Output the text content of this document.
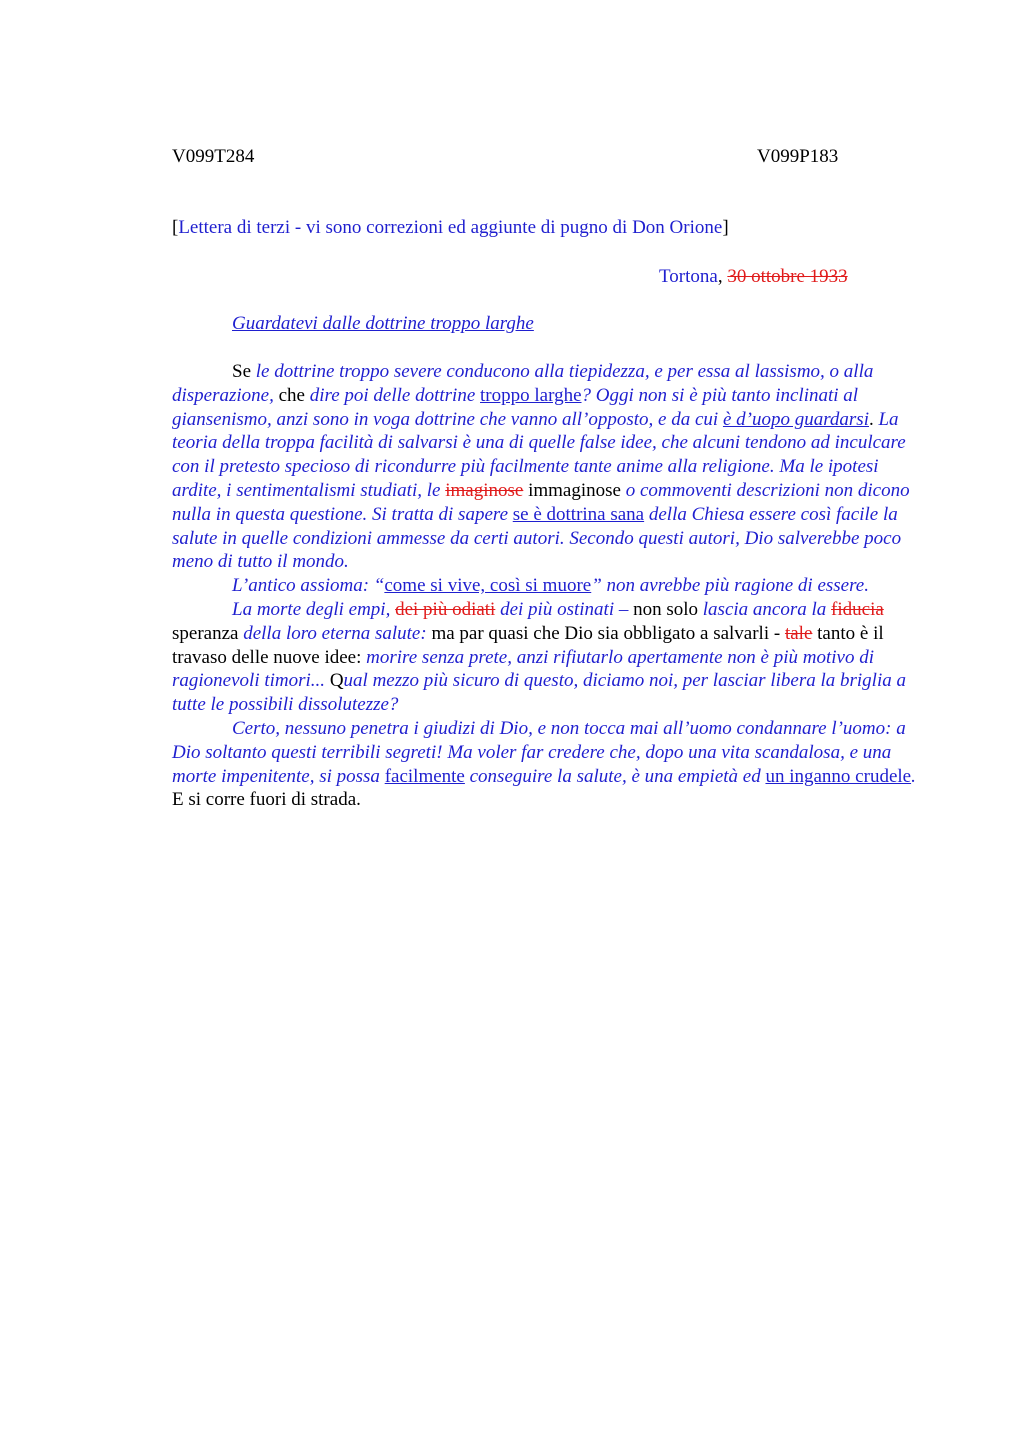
V099T284	V099P183
[Lettera di terzi - vi sono correzioni ed aggiunte di pugno di Don Orione]
Tortona, 30 ottobre 1933
Guardatevi dalle dottrine troppo larghe

Se le dottrine troppo severe conducono alla tiepidezza, e per essa al lassismo, o alla disperazione, che dire poi delle dottrine troppo larghe? Oggi non si è più tanto inclinati al giansenismo, anzi sono in voga dottrine che vanno all’opposto, e da cui è d’uopo guardarsi. La teoria della troppa facilità di salvarsi è una di quelle false idee, che alcuni tendono ad inculcare con il pretesto specioso di ricondurre più facilmente tante anime alla religione. Ma le ipotesi ardite, i sentimentalismi studiati, le imaginose immaginose o commoventi descrizioni non dicono nulla in questa questione. Si tratta di sapere se è dottrina sana della Chiesa essere così facile la salute in quelle condizioni ammesse da certi autori. Secondo questi autori, Dio salverebbe poco meno di tutto il mondo.

L’antico assioma: “come si vive, così si muore” non avrebbe più ragione di essere.

La morte degli empi, dei più odiati dei più ostinati – non solo lascia ancora la fiducia speranza della loro eterna salute: ma par quasi che Dio sia obbligato a salvarli - tale tanto è il travaso delle nuove idee: morire senza prete, anzi rifiutarlo apertamente non è più motivo di ragionevoli timori... Qual mezzo più sicuro di questo, diciamo noi, per lasciar libera la briglia a tutte le possibili dissolutezze?

Certo, nessuno penetra i giudizi di Dio, e non tocca mai all’uomo condannare l’uomo: a Dio soltanto questi terribili segreti! Ma voler far credere che, dopo una vita scandalosa, e una morte impenitente, si possa facilmente conseguire la salute, è una empietà ed un inganno crudele. E si corre fuori di strada.
